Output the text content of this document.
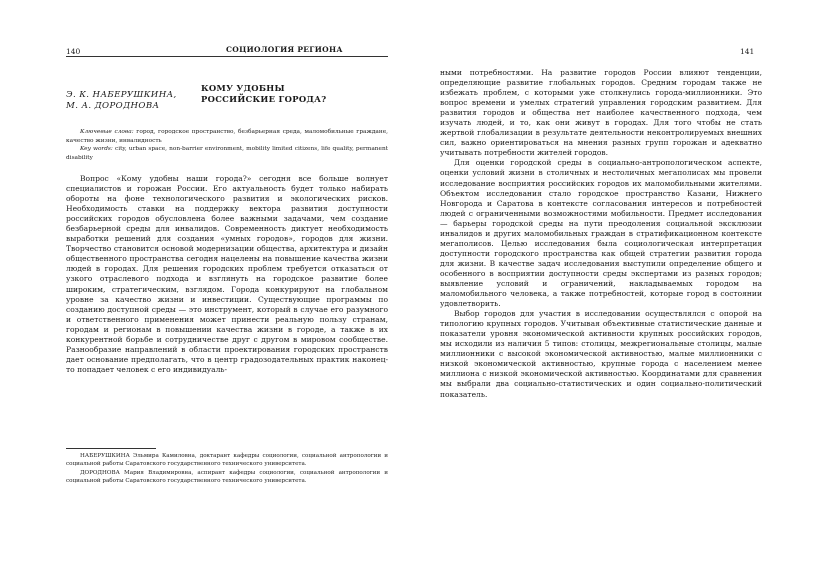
140	СОЦИОЛОГИЯ РЕГИОНА
Э. К. НАБЕРУШКИНА,
М. А. ДОРОДНОВА
КОМУ УДОБНЫ
РОССИЙСКИЕ ГОРОДА?

Ключевые слова: город, городское пространство, безбарьерная среда, маломобильные граждане, качество жизни, инвалидность

Key words: city, urban space, non-barrier environment, mobility limited citizens, life quality, permanent disability

Вопрос «Кому удобны наши города?» сегодня все больше волнует специалистов и горожан России. Его актуальность будет только набирать обороты на фоне технологического развития и экологических рисков. Необходимость ставки на поддержку вектора развития доступности российских городов обусловлена более важными задачами, чем создание безбарьерной среды для инвалидов. Современность диктует необходимость выработки решений для создания «умных городов», городов для жизни. Творчество становится основой модернизации общества, архитектура и дизайн общественного пространства сегодня нацелены на повышение качества жизни людей в городах. Для решения городских проблем требуется отказаться от узкого отраслевого подхода и взглянуть на городское развитие более широким, стратегическим, взглядом. Города конкурируют на глобальном уровне за качество жизни и инвестиции. Существующие программы по созданию доступной среды — это инструмент, который в случае его разумного и ответственного применения может принести реальную пользу странам, городам и регионам в повышении качества жизни в городе, а также в их конкурентной борьбе и сотрудничестве друг с другом в мировом сообществе. Разнообразие направлений в области проектирования городских пространств дает основание предполагать, что в центр градозодательных практик наконец-то попадает человек с его индивидуаль-

НАБЕРУШКИНА Эльмира Камиловна, доктарант кафедры социологии, социальной антропологии и социальной работы Саратовского государственного технического университета.

ДОРОДНОВА Мария Владимировна, аспирант кафедры социологии, социальной антропологии и социальной работы Саратовского государственного технического университета.

141

ными потребностями. На развитие городов России влияют тенденции, определяющие развитие глобальных городов. Средним городам также не избежать проблем, с которыми уже столкнулись города-миллионники. Это вопрос времени и умелых стратегий управления городским развитием. Для развития городов и общества нет наиболее качественного подхода, чем изучать людей, и то, как они живут в городах. Для того чтобы не стать жертвой глобализации в результате деятельности неконтролируемых внешних сил, важно ориентироваться на мнения разных групп горожан и адекватно учитывать потребности жителей городов.

Для оценки городской среды в социально-антропологическом аспекте, оценки условий жизни в столичных и нестоличных мегаполисах мы провели исследование восприятия российских городов их маломобильными жителями. Объектом исследования стало городское пространство Казани, Нижнего Новгорода и Саратова в контексте согласования интересов и потребностей людей с ограниченными возможностями мобильности. Предмет исследования — барьеры городской среды на пути преодоления социальной эксклюзии инвалидов и других маломобильных граждан в стратификационном контексте мегаполисов. Целью исследования была социологическая интерпретация доступности городского пространства как общей стратегии развития города для жизни. В качестве задач исследования выступили определение общего и особенного в восприятии доступности среды экспертами из разных городов; выявление условий и ограничений, накладываемых городом на маломобильного человека, а также потребностей, которые город в состоянии удовлетворить.

Выбор городов для участия в исследовании осуществлялся с опорой на типологию крупных городов. Учитывая объективные статистические данные и показатели уровня экономической активности крупных российских городов, мы исходили из наличия 5 типов: столицы, межрегиональные столицы, малые миллионники с высокой экономической активностью, малые миллионники с низкой экономической активностью, крупные города с населением менее миллиона с низкой экономической активностью. Координатами для сравнения мы выбрали два социально-статистических и один социально-политический показатель.
